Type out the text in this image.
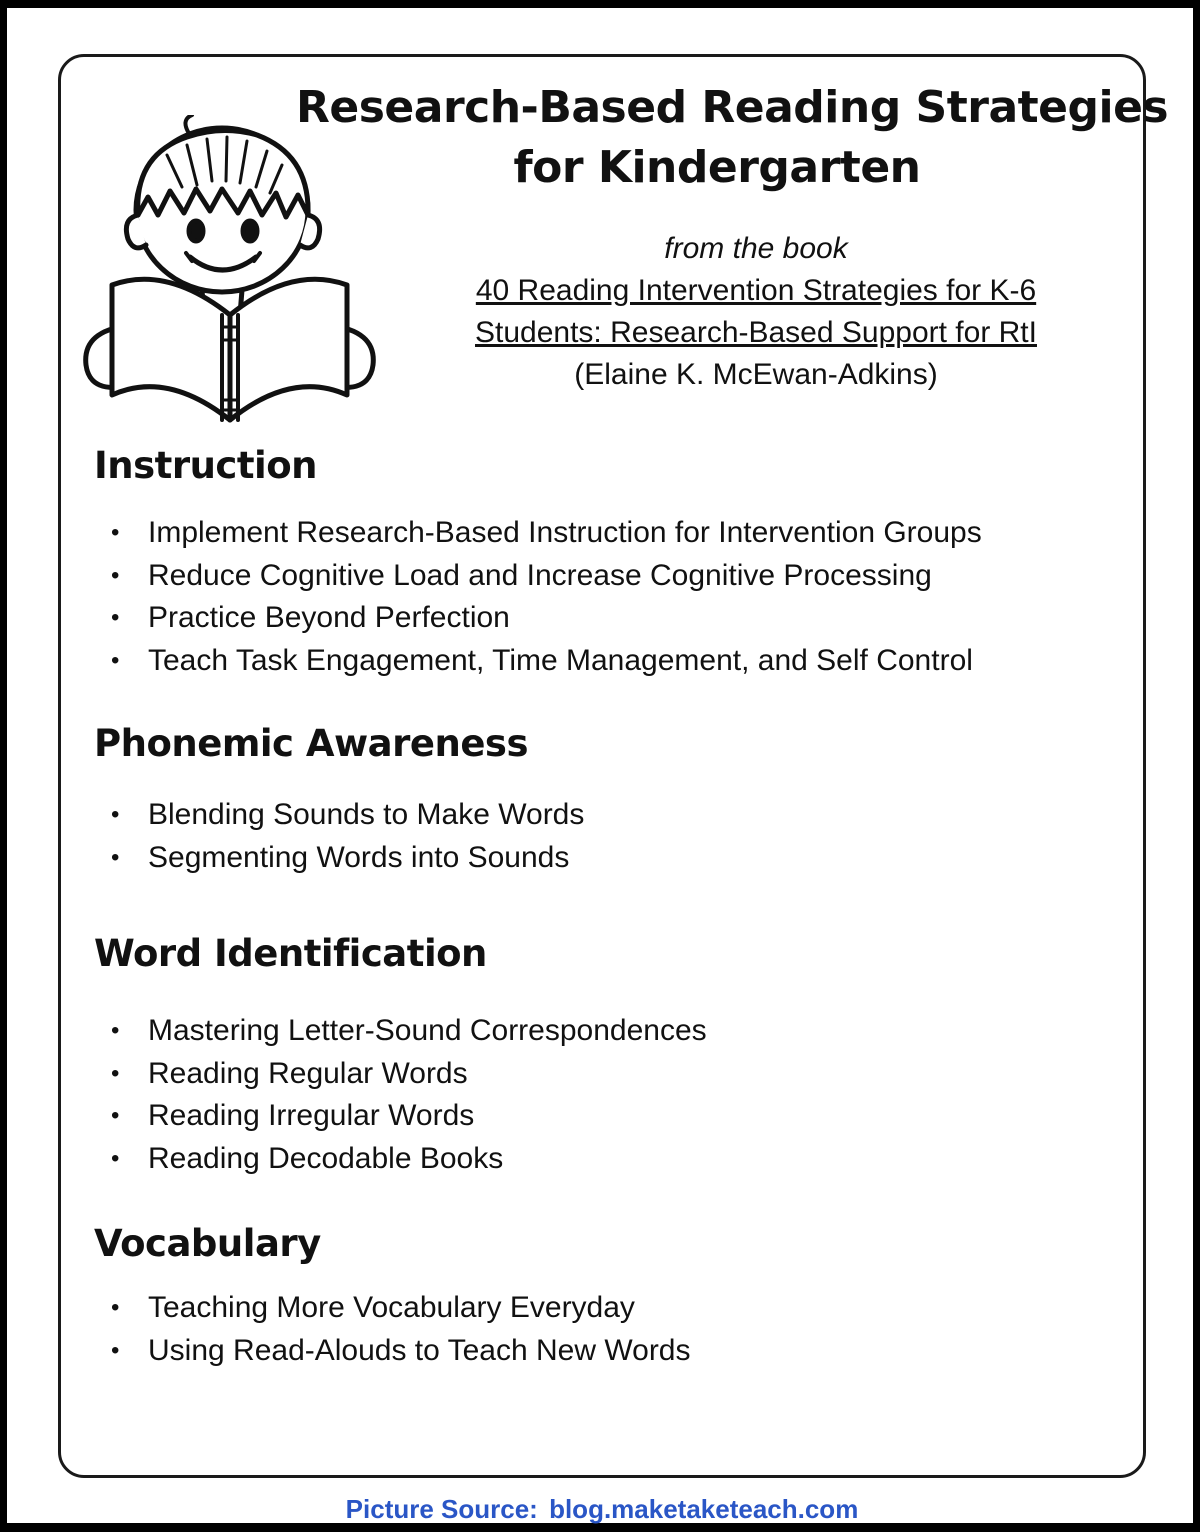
Research-Based Reading Strategies
for Kindergarten
from the book
40 Reading Intervention Strategies for K-6
Students: Research-Based Support for RtI
(Elaine K. McEwan-Adkins)
Instruction
• Implement Research-Based Instruction for Intervention Groups
• Reduce Cognitive Load and Increase Cognitive Processing
• Practice Beyond Perfection
• Teach Task Engagement, Time Management, and Self Control
Phonemic Awareness
• Blending Sounds to Make Words
• Segmenting Words into Sounds
Word Identification
• Mastering Letter-Sound Correspondences
• Reading Regular Words
• Reading Irregular Words
• Reading Decodable Books
Vocabulary
• Teaching More Vocabulary Everyday
• Using Read-Alouds to Teach New Words
Picture Source: blog.maketaketeach.com
